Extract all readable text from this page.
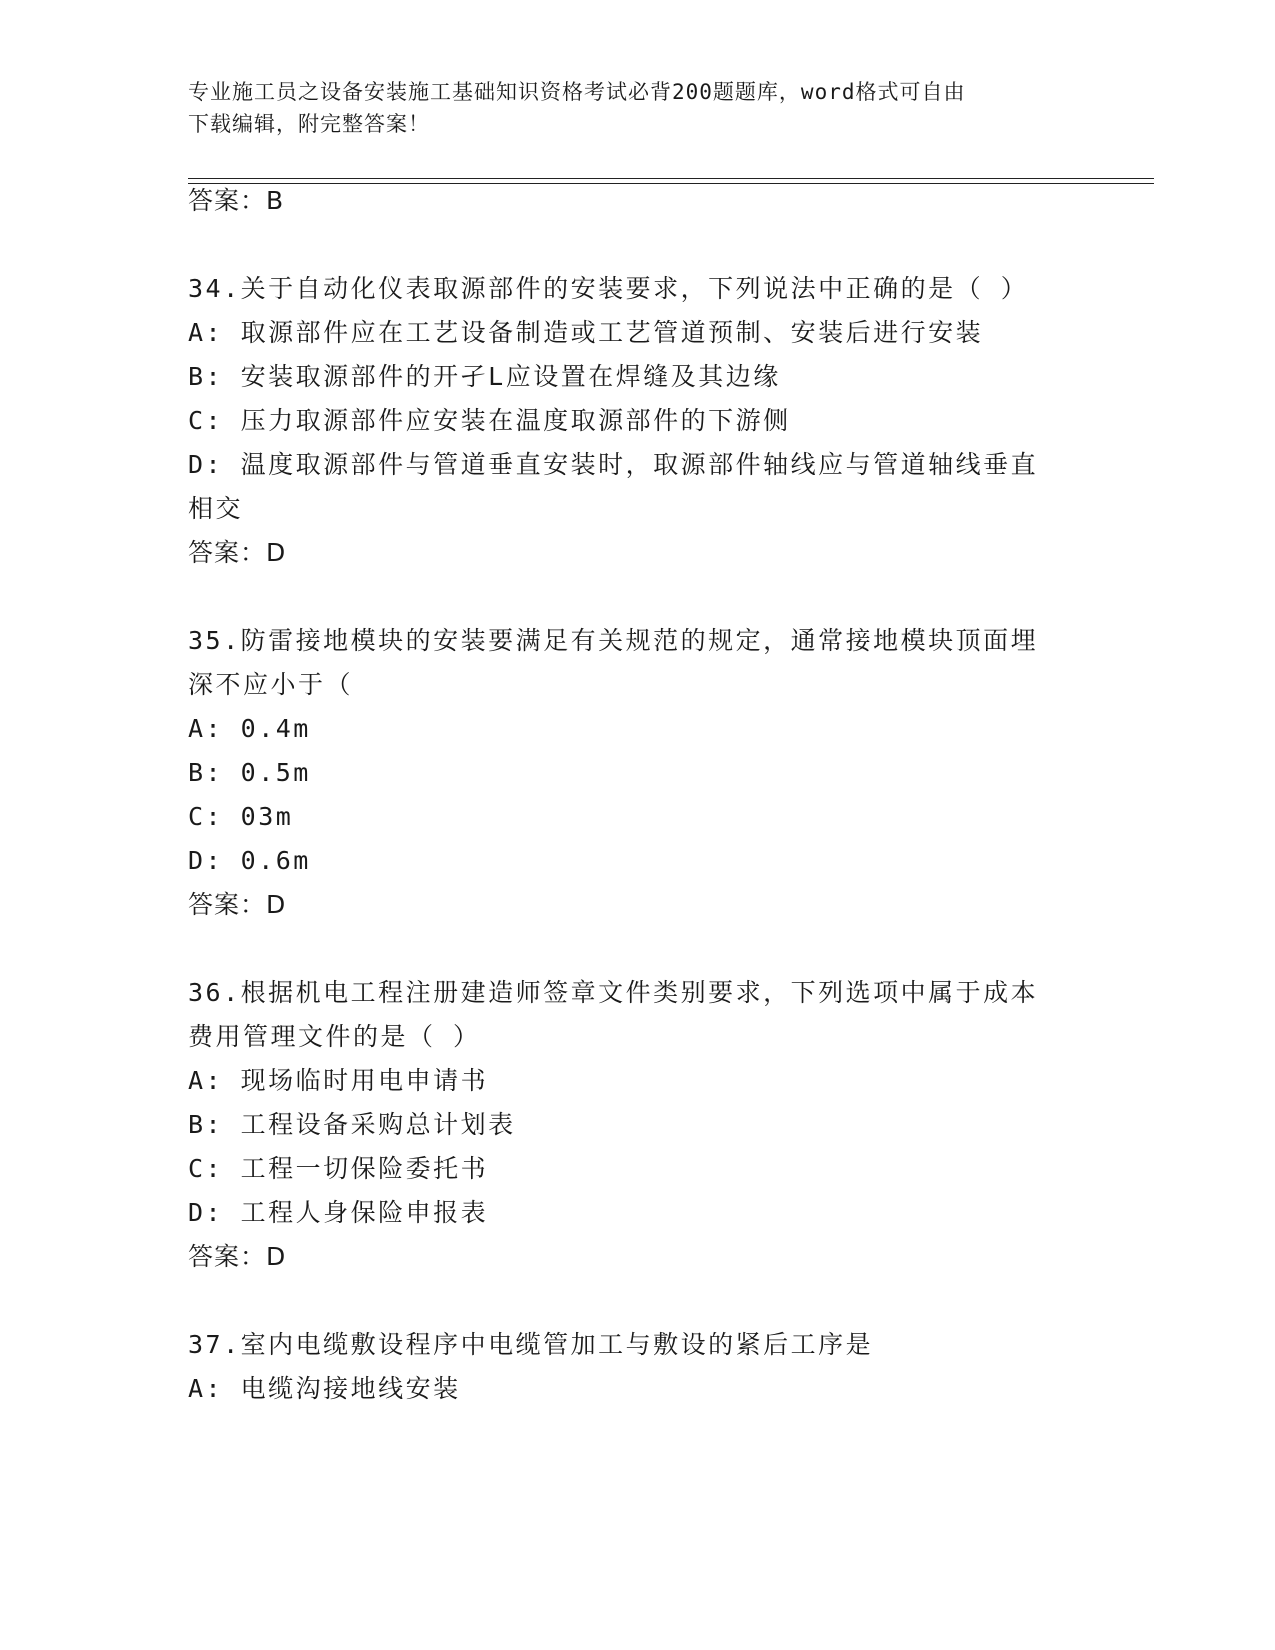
专业施工员之设备安装施工基础知识资格考试必背200题题库，word格式可自由
下载编辑，附完整答案！
答案：B
34.关于自动化仪表取源部件的安装要求，下列说法中正确的是（ ）
A: 取源部件应在工艺设备制造或工艺管道预制、安装后进行安装
B: 安装取源部件的开孑L应设置在焊缝及其边缘
C: 压力取源部件应安装在温度取源部件的下游侧
D: 温度取源部件与管道垂直安装时，取源部件轴线应与管道轴线垂直
相交
答案：D
35.防雷接地模块的安装要满足有关规范的规定，通常接地模块顶面埋
深不应小于（
A: 0.4m
B: 0.5m
C: 03m
D: 0.6m
答案：D
36.根据机电工程注册建造师签章文件类别要求，下列选项中属于成本
费用管理文件的是（ ）
A: 现场临时用电申请书
B: 工程设备采购总计划表
C: 工程一切保险委托书
D: 工程人身保险申报表
答案：D
37.室内电缆敷设程序中电缆管加工与敷设的紧后工序是
A: 电缆沟接地线安装
